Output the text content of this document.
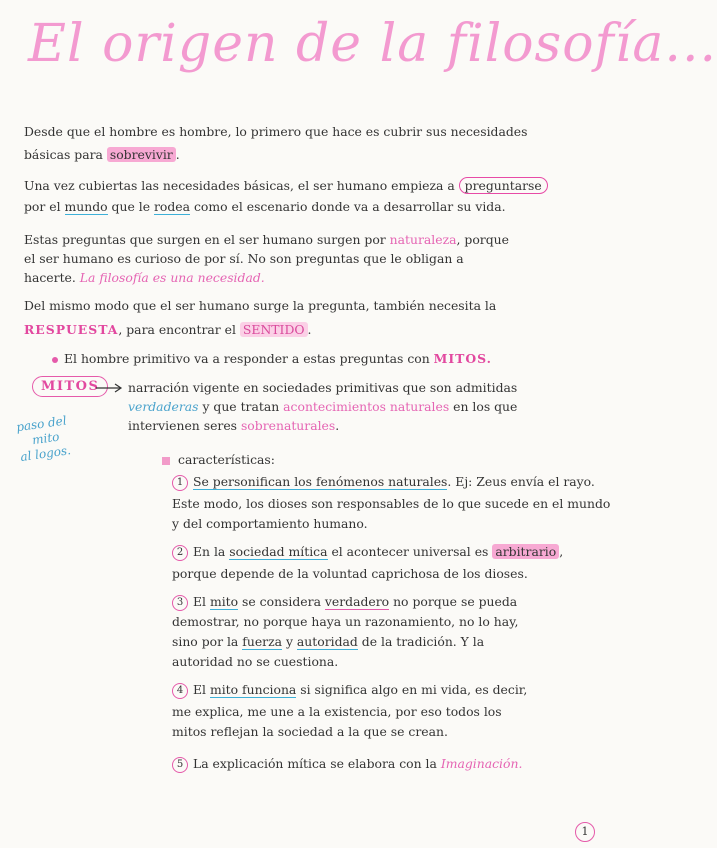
El origen de la filosofía...
Desde que el hombre es hombre, lo primero que hace es cubrir sus necesidades
básicas para sobrevivir .
Una vez cubiertas las necesidades básicas, el ser humano empieza a preguntarse
por el mundo que le rodea como el escenario donde va a desarrollar su vida.
Estas preguntas que surgen en el ser humano surgen por naturaleza, porque
el ser humano es curioso de por sí. No son preguntas que le obligan a
hacerte. La filosofía es una necesidad.
Del mismo modo que el ser humano surge la pregunta, también necesita la
RESPUESTA, para encontrar el SENTIDO .
El hombre primitivo va a responder a estas preguntas con MITOS.
MITOS	narración vigente en sociedades primitivas que son admitidas
verdaderas y que tratan acontecimientos naturales en los que
intervienen seres sobrenaturales.
paso del
mito
al logos.	características:
1 Se personifican los fenómenos naturales. Ej: Zeus envía el rayo.
Este modo, los dioses son responsables de lo que sucede en el mundo
y del comportamiento humano.
2 En la sociedad mítica el acontecer universal es arbitrario ,
porque depende de la voluntad caprichosa de los dioses.
3 El mito se considera verdadero no porque se pueda
demostrar, no porque haya un razonamiento, no lo hay,
sino por la fuerza y autoridad de la tradición. Y la
autoridad no se cuestiona.
4 El mito funciona si significa algo en mi vida, es decir,
me explica, me une a la existencia, por eso todos los
mitos reflejan la sociedad a la que se crean.
5 La explicación mítica se elabora con la Imaginación.
1
